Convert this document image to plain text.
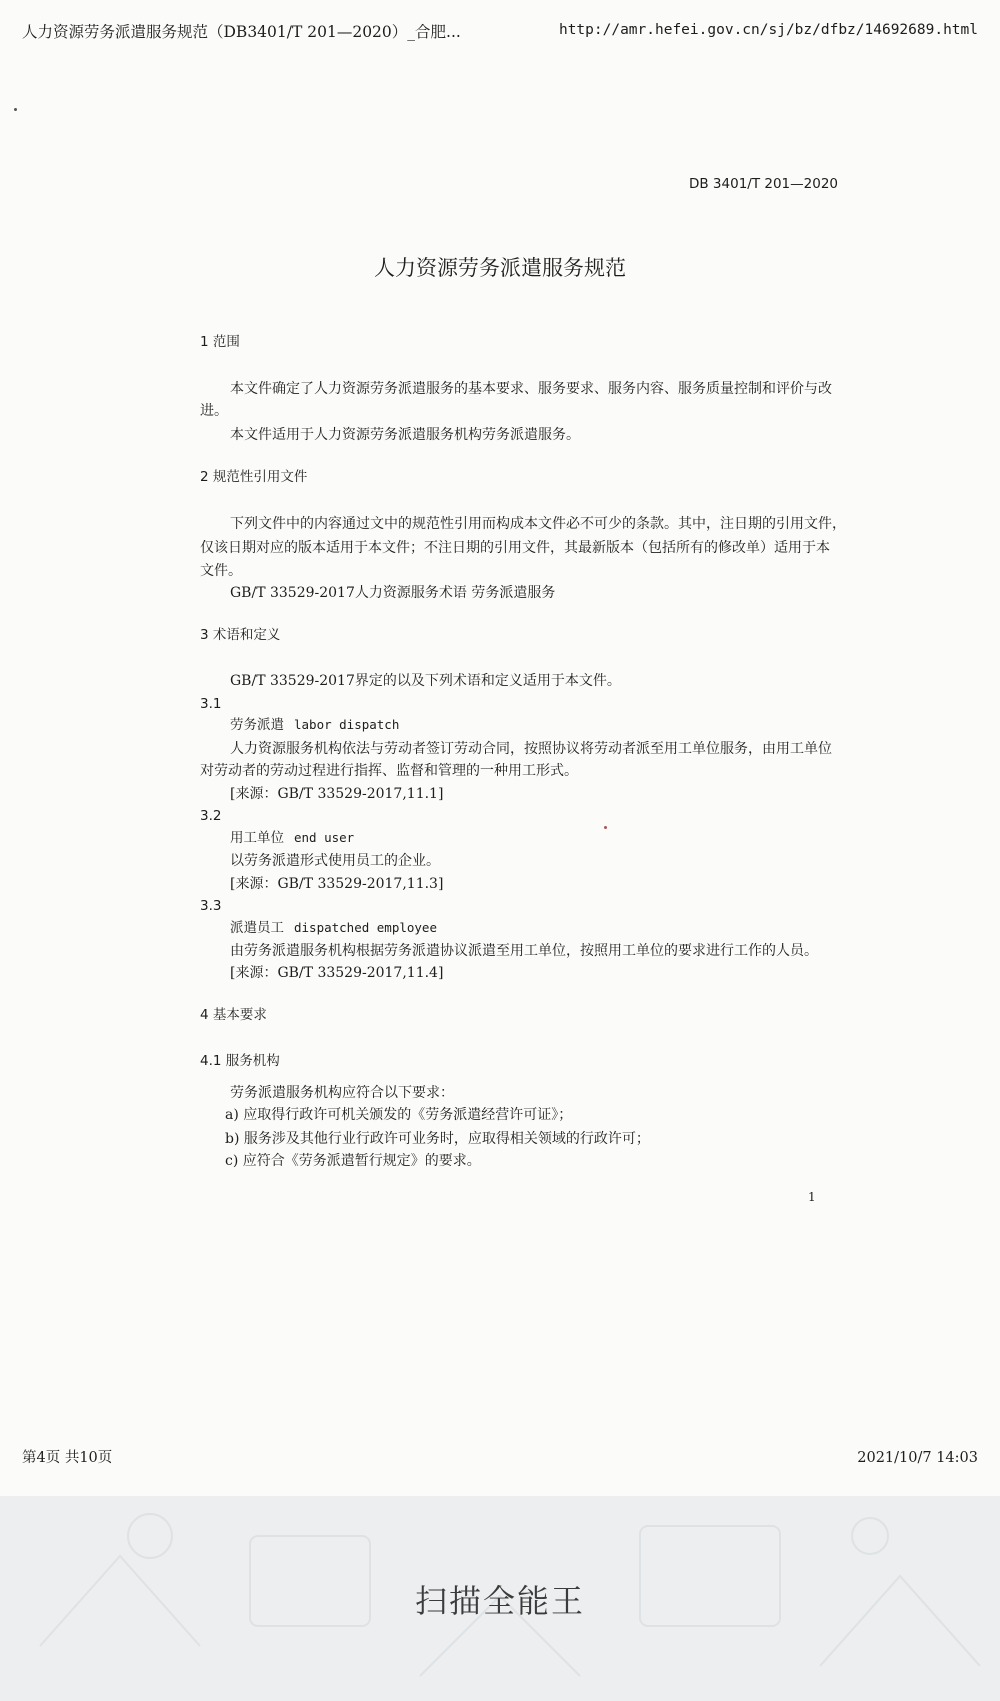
人力资源劳务派遣服务规范（DB3401/T 201—2020）_合肥...	http://amr.hefei.gov.cn/sj/bz/dfbz/14692689.html
DB 3401/T 201—2020
人力资源劳务派遣服务规范
1 范围
本文件确定了人力资源劳务派遣服务的基本要求、服务要求、服务内容、服务质量控制和评价与改
进。
本文件适用于人力资源劳务派遣服务机构劳务派遣服务。
2 规范性引用文件
下列文件中的内容通过文中的规范性引用而构成本文件必不可少的条款。其中，注日期的引用文件，
仅该日期对应的版本适用于本文件；不注日期的引用文件，其最新版本（包括所有的修改单）适用于本
文件。
GB/T 33529-2017人力资源服务术语 劳务派遣服务
3 术语和定义
GB/T 33529-2017界定的以及下列术语和定义适用于本文件。
3.1
劳务派遣 labor dispatch
人力资源服务机构依法与劳动者签订劳动合同，按照协议将劳动者派至用工单位服务，由用工单位
对劳动者的劳动过程进行指挥、监督和管理的一种用工形式。
[来源：GB/T 33529-2017,11.1]
3.2
用工单位 end user
以劳务派遣形式使用员工的企业。
[来源：GB/T 33529-2017,11.3]
3.3
派遣员工 dispatched employee
由劳务派遣服务机构根据劳务派遣协议派遣至用工单位，按照用工单位的要求进行工作的人员。
[来源：GB/T 33529-2017,11.4]
4 基本要求
4.1 服务机构
劳务派遣服务机构应符合以下要求：
a) 应取得行政许可机关颁发的《劳务派遣经营许可证》；
b) 服务涉及其他行业行政许可业务时，应取得相关领域的行政许可；
c) 应符合《劳务派遣暂行规定》的要求。
1
第4页 共10页	2021/10/7 14:03
扫描全能王
